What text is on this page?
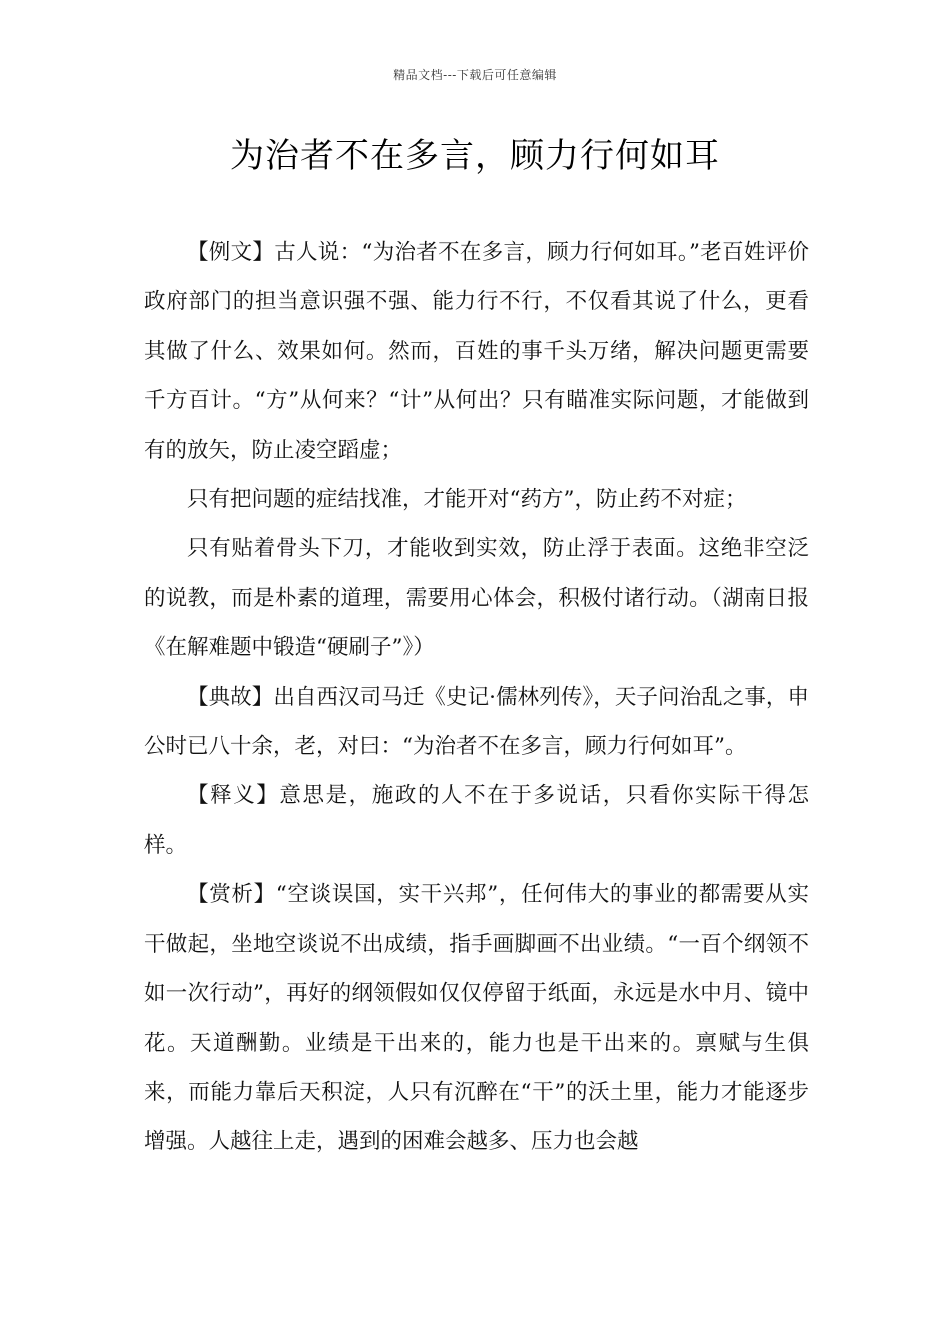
精品文档---下载后可任意编辑
为治者不在多言，顾力行何如耳

【例文】古人说：“为治者不在多言，顾力行何如耳。”老百姓评价政府部门的担当意识强不强、能力行不行，不仅看其说了什么，更看其做了什么、效果如何。然而，百姓的事千头万绪，解决问题更需要千方百计。“方”从何来？“计”从何出？只有瞄准实际问题，才能做到有的放矢，防止凌空蹈虚；

只有把问题的症结找准，才能开对“药方”，防止药不对症；

只有贴着骨头下刀，才能收到实效，防止浮于表面。这绝非空泛的说教，而是朴素的道理，需要用心体会，积极付诸行动。（湖南日报《在解难题中锻造“硬刷子”》）

【典故】出自西汉司马迁《史记·儒林列传》，天子问治乱之事，申公时已八十余，老，对曰：“为治者不在多言，顾力行何如耳”。

【释义】意思是，施政的人不在于多说话，只看你实际干得怎样。

【赏析】“空谈误国，实干兴邦”，任何伟大的事业的都需要从实干做起，坐地空谈说不出成绩，指手画脚画不出业绩。“一百个纲领不如一次行动”，再好的纲领假如仅仅停留于纸面，永远是水中月、镜中花。天道酬勤。业绩是干出来的，能力也是干出来的。禀赋与生俱来，而能力靠后天积淀，人只有沉醉在“干”的沃土里，能力才能逐步增强。人越往上走，遇到的困难会越多、压力也会越
